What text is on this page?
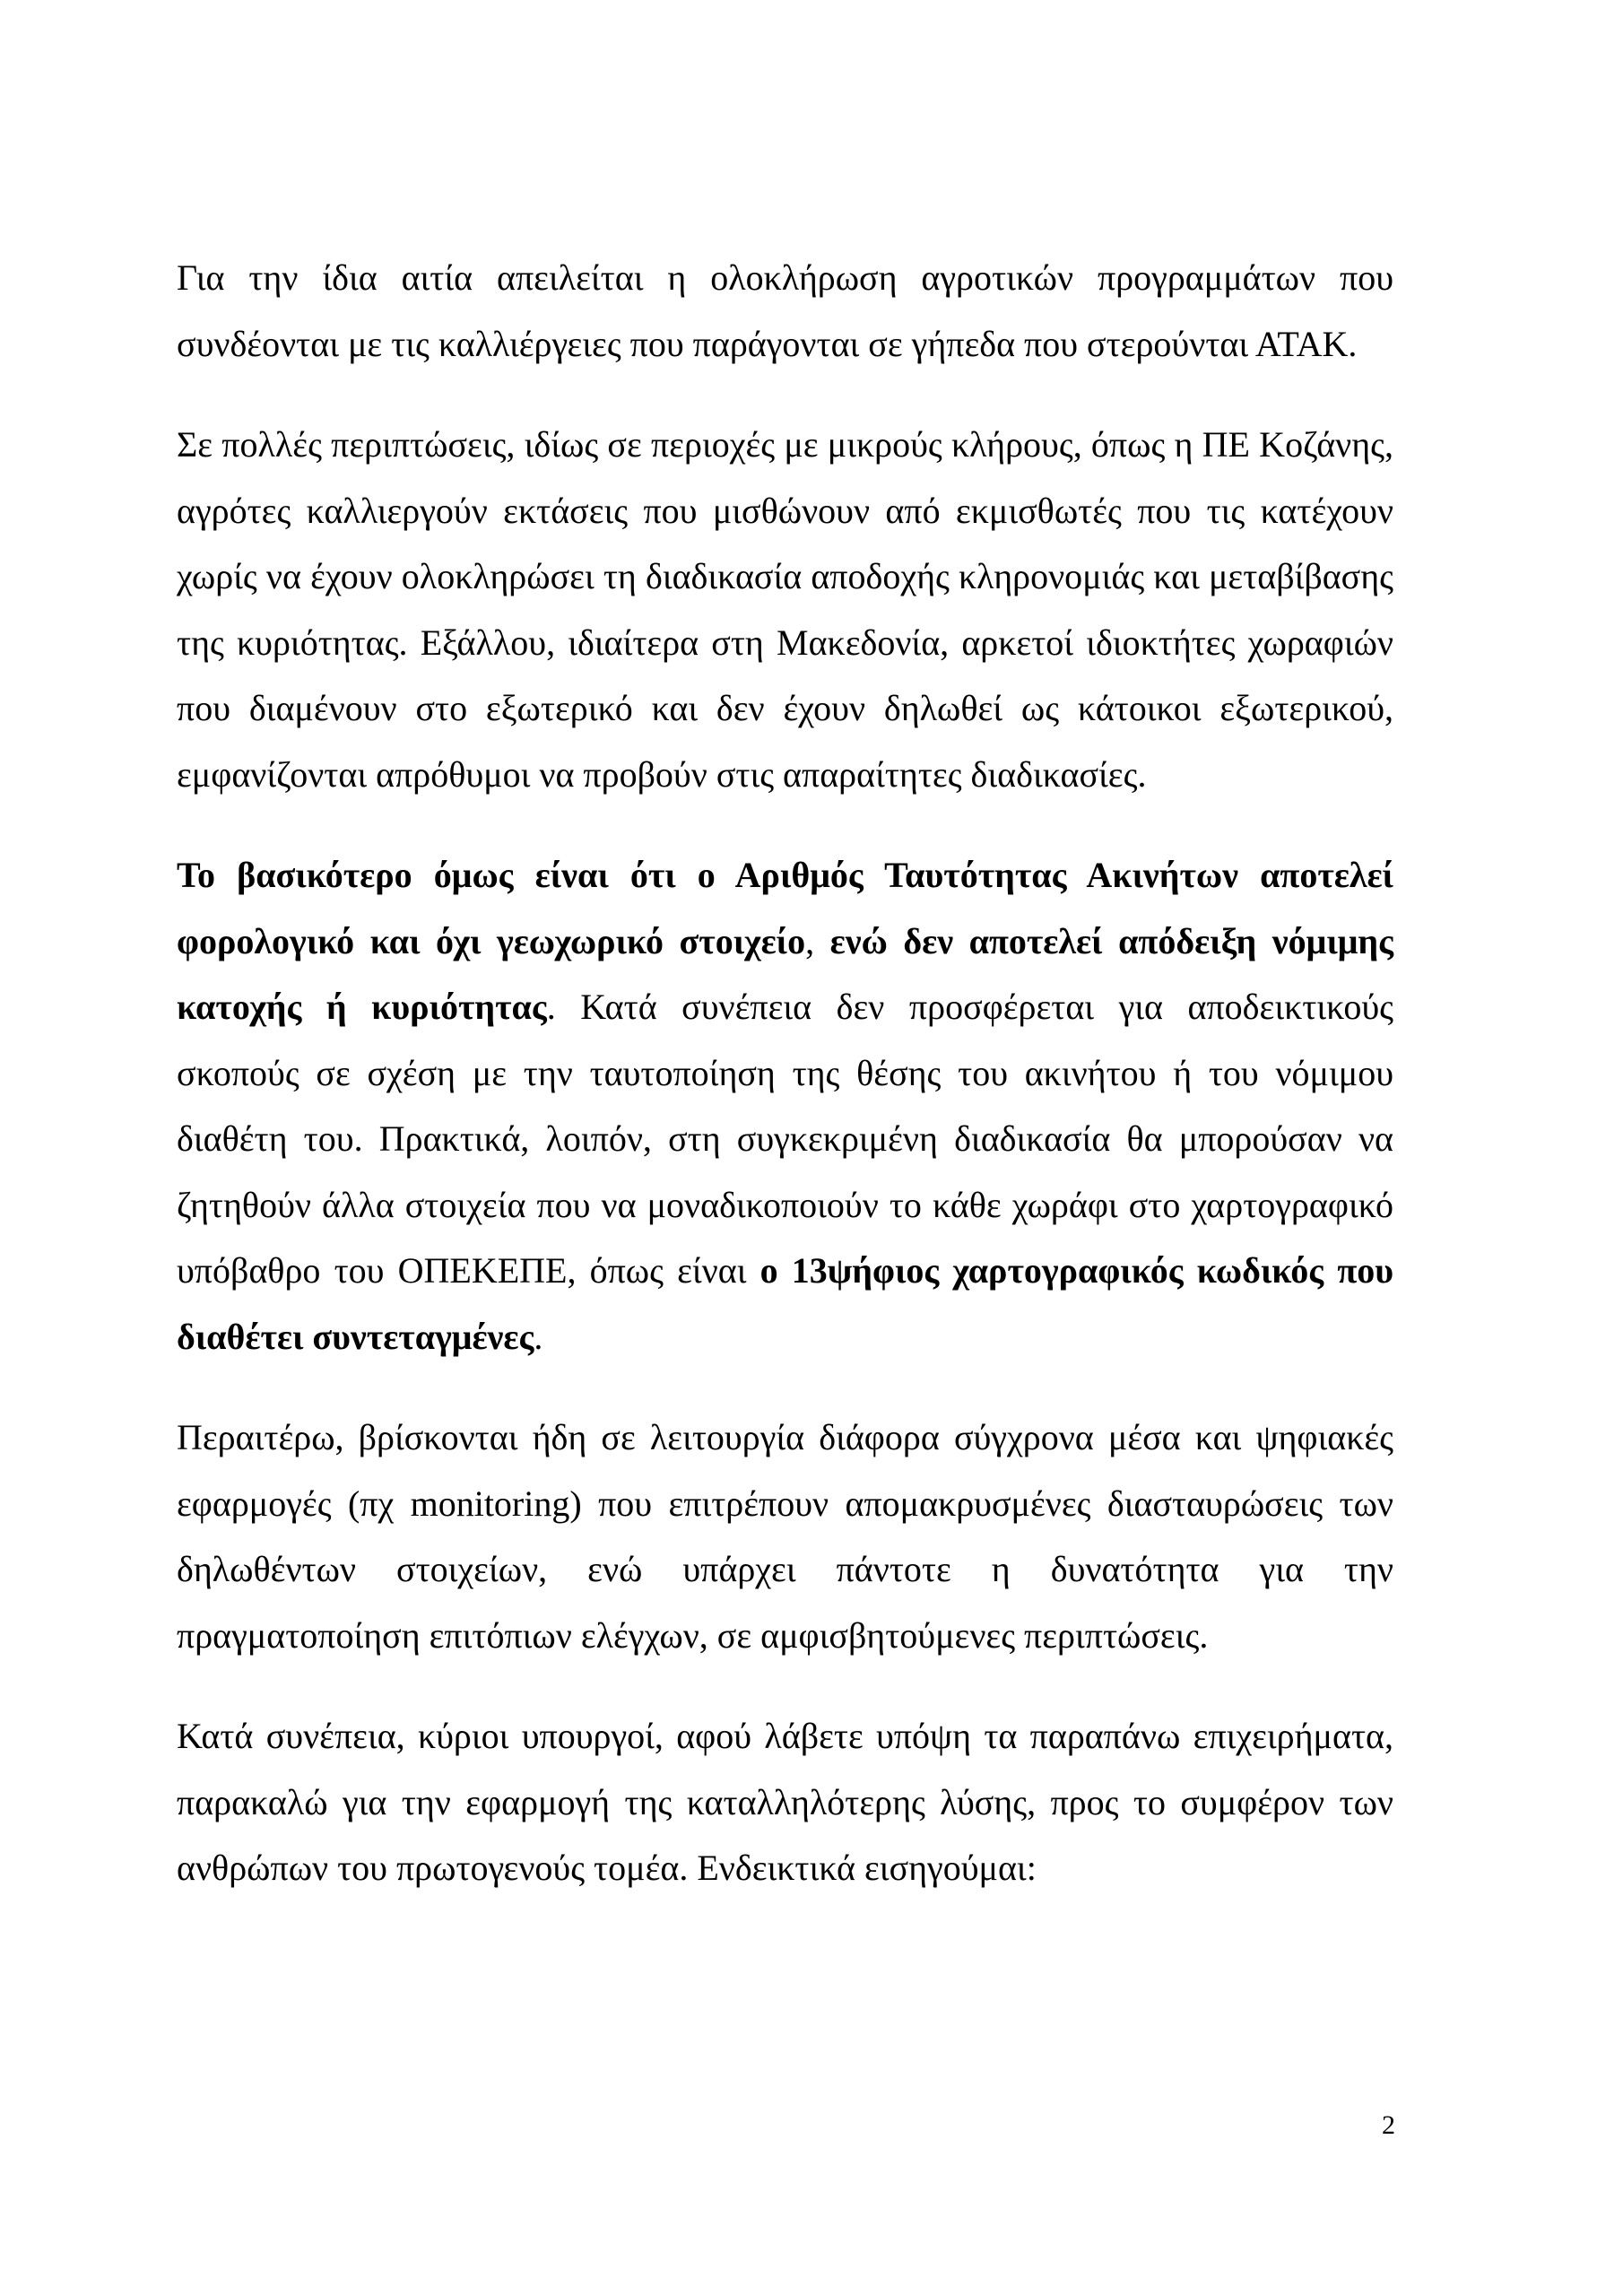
Για την ίδια αιτία απειλείται η ολοκλήρωση αγροτικών προγραμμάτων που συνδέονται με τις καλλιέργειες που παράγονται σε γήπεδα που στερούνται ΑΤΑΚ.

Σε πολλές περιπτώσεις, ιδίως σε περιοχές με μικρούς κλήρους, όπως η ΠΕ Κοζάνης, αγρότες καλλιεργούν εκτάσεις που μισθώνουν από εκμισθωτές που τις κατέχουν χωρίς να έχουν ολοκληρώσει τη διαδικασία αποδοχής κληρονομιάς και μεταβίβασης της κυριότητας. Εξάλλου, ιδιαίτερα στη Μακεδονία, αρκετοί ιδιοκτήτες χωραφιών που διαμένουν στο εξωτερικό και δεν έχουν δηλωθεί ως κάτοικοι εξωτερικού, εμφανίζονται απρόθυμοι να προβούν στις απαραίτητες διαδικασίες.

Το βασικότερο όμως είναι ότι ο Αριθμός Ταυτότητας Ακινήτων αποτελεί φορολογικό και όχι γεωχωρικό στοιχείο, ενώ δεν αποτελεί απόδειξη νόμιμης κατοχής ή κυριότητας. Κατά συνέπεια δεν προσφέρεται για αποδεικτικούς σκοπούς σε σχέση με την ταυτοποίηση της θέσης του ακινήτου ή του νόμιμου διαθέτη του. Πρακτικά, λοιπόν, στη συγκεκριμένη διαδικασία θα μπορούσαν να ζητηθούν άλλα στοιχεία που να μοναδικοποιούν το κάθε χωράφι στο χαρτογραφικό υπόβαθρο του ΟΠΕΚΕΠΕ, όπως είναι ο 13ψήφιος χαρτογραφικός κωδικός που διαθέτει συντεταγμένες.

Περαιτέρω, βρίσκονται ήδη σε λειτουργία διάφορα σύγχρονα μέσα και ψηφιακές εφαρμογές (πχ monitoring) που επιτρέπουν απομακρυσμένες διασταυρώσεις των δηλωθέντων στοιχείων, ενώ υπάρχει πάντοτε η δυνατότητα για την πραγματοποίηση επιτόπιων ελέγχων, σε αμφισβητούμενες περιπτώσεις.

Κατά συνέπεια, κύριοι υπουργοί, αφού λάβετε υπόψη τα παραπάνω επιχειρήματα, παρακαλώ για την εφαρμογή της καταλληλότερης λύσης, προς το συμφέρον των ανθρώπων του πρωτογενούς τομέα. Ενδεικτικά εισηγούμαι:

2
